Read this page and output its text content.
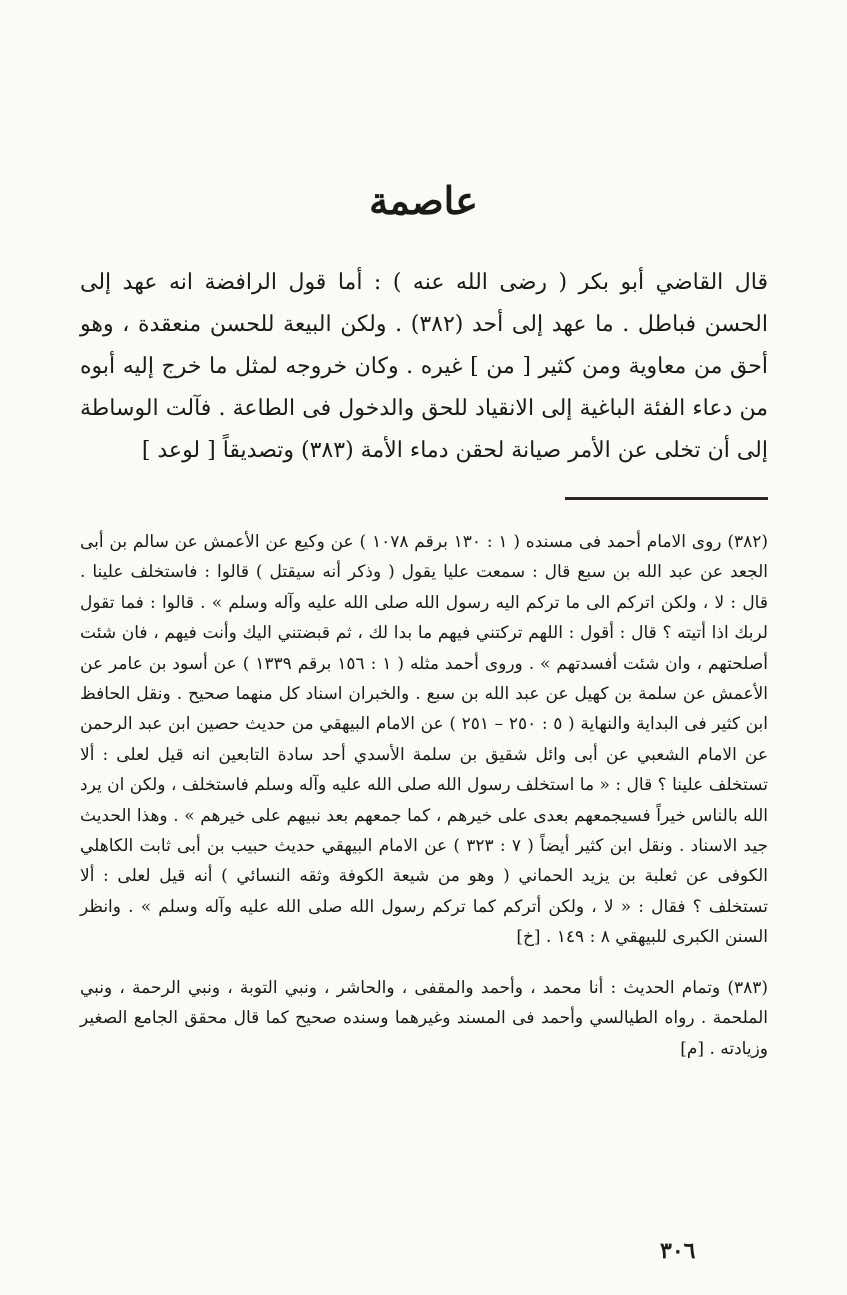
عاصمة

قال القاضي أبو بكر ( رضى الله عنه ) : أما قول الرافضة انه عهد إلى الحسن فباطل . ما عهد إلى أحد (٣٨٢) . ولكن البيعة للحسن منعقدة ، وهو أحق من معاوية ومن كثير [ من ] غيره . وكان خروجه لمثل ما خرج إليه أبوه من دعاء الفئة الباغية إلى الانقياد للحق والدخول فى الطاعة . فآلت الوساطة إلى أن تخلى عن الأمر صيانة لحقن دماء الأمة (٣٨٣) وتصديقاً [ لوعد ]

(٣٨٢) روى الامام أحمد فى مسنده ( ١ : ١٣٠ برقم ١٠٧٨ ) عن وكيع عن الأعمش عن سالم بن أبى الجعد عن عبد الله بن سبع قال : سمعت عليا يقول ( وذكر أنه سيقتل ) قالوا : فاستخلف علينا . قال : لا ، ولكن اتركم الى ما تركم اليه رسول الله صلى الله عليه وآله وسلم » . قالوا : فما تقول لربك اذا أتيته ؟ قال : أقول : اللهم تركتني فيهم ما بدا لك ، ثم قبضتني اليك وأنت فيهم ، فان شئت أصلحتهم ، وان شئت أفسدتهم » . وروى أحمد مثله ( ١ : ١٥٦ برقم ١٣٣٩ ) عن أسود بن عامر عن الأعمش عن سلمة بن كهيل عن عبد الله بن سبع . والخبران اسناد كل منهما صحيح . ونقل الحافظ ابن كثير فى البداية والنهاية ( ٥ : ٢٥٠ – ٢٥١ ) عن الامام البيهقي من حديث حصين ابن عبد الرحمن عن الامام الشعبي عن أبى وائل شقيق بن سلمة الأسدي أحد سادة التابعين انه قيل لعلى : ألا تستخلف علينا ؟ قال : « ما استخلف رسول الله صلى الله عليه وآله وسلم فاستخلف ، ولكن ان يرد الله بالناس خيراً فسيجمعهم بعدى على خيرهم ، كما جمعهم بعد نبيهم على خيرهم » . وهذا الحديث جيد الاسناد . ونقل ابن كثير أيضاً ( ٧ : ٣٢٣ ) عن الامام البيهقي حديث حبيب بن أبى ثابت الكاهلي الكوفى عن ثعلبة بن يزيد الحماني ( وهو من شيعة الكوفة وثقه النسائي ) أنه قيل لعلى : ألا تستخلف ؟ فقال : « لا ، ولكن أتركم كما تركم رسول الله صلى الله عليه وآله وسلم » . وانظر السنن الكبرى للبيهقي ٨ : ١٤٩ . [خ]

(٣٨٣) وتمام الحديث : أنا محمد ، وأحمد والمقفى ، والحاشر ، ونبي التوبة ، ونبي الرحمة ، ونبي الملحمة . رواه الطيالسي وأحمد فى المسند وغيرهما وسنده صحيح كما قال محقق الجامع الصغير وزيادته . [م]

٣٠٦
